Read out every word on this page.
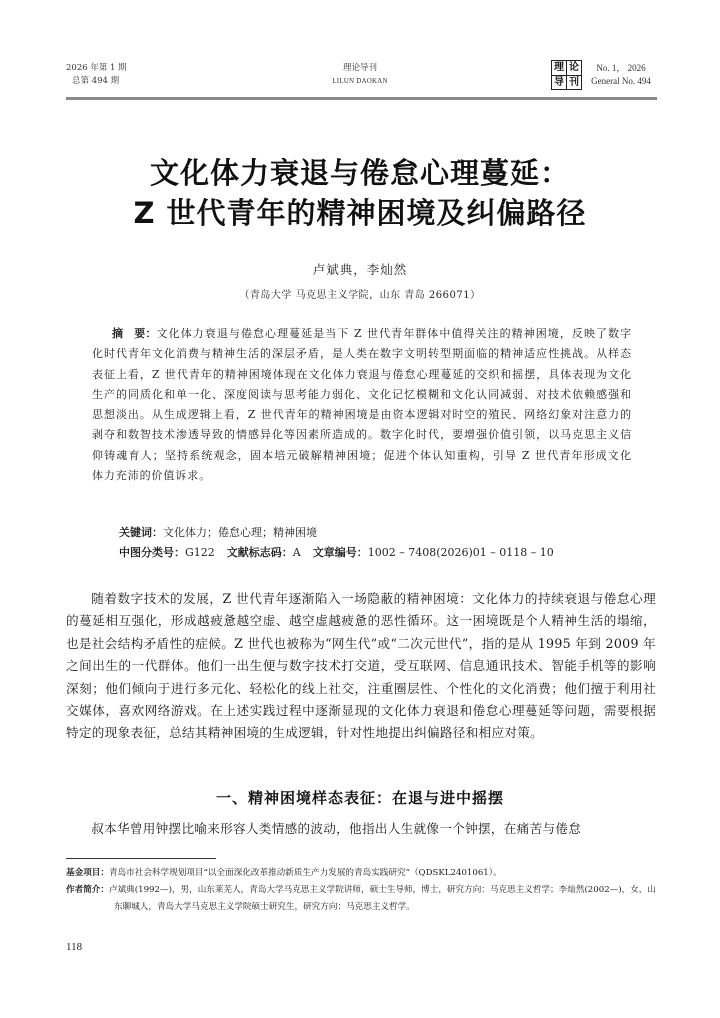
2026 年第 1 期
总第 494 期
理论导刊
LILUN DAOKAN
理 论
导 刊
No. 1， 2026
General No. 494
文化体力衰退与倦怠心理蔓延：
Z 世代青年的精神困境及纠偏路径
卢斌典，李灿然
（青岛大学 马克思主义学院，山东 青岛 266071）
摘　要：文化体力衰退与倦怠心理蔓延是当下 Z 世代青年群体中值得关注的精神困境，反映了数字化时代青年文化消费与精神生活的深层矛盾，是人类在数字文明转型期面临的精神适应性挑战。从样态表征上看，Z 世代青年的精神困境体现在文化体力衰退与倦怠心理蔓延的交织和摇摆，具体表现为文化生产的同质化和单一化、深度阅读与思考能力弱化、文化记忆模糊和文化认同减弱、对技术依赖感强和思想淡出。从生成逻辑上看，Z 世代青年的精神困境是由资本逻辑对时空的殖民、网络幻象对注意力的剥夺和数智技术渗透导致的情感异化等因素所造成的。数字化时代，要增强价值引领，以马克思主义信仰铸魂育人；坚持系统观念，固本培元破解精神困境；促进个体认知重构，引导 Z 世代青年形成文化体力充沛的价值诉求。
关键词：文化体力；倦怠心理；精神困境
中图分类号：G122 文献标志码：A 文章编号：1002 – 7408(2026)01 – 0118 – 10

随着数字技术的发展，Z 世代青年逐渐陷入一场隐蔽的精神困境：文化体力的持续衰退与倦怠心理的蔓延相互强化，形成越疲惫越空虚、越空虚越疲惫的恶性循环。这一困境既是个人精神生活的塌缩，也是社会结构矛盾性的症候。Z 世代也被称为“网生代”或“二次元世代”，指的是从 1995 年到 2009 年之间出生的一代群体。他们一出生便与数字技术打交道，受互联网、信息通讯技术、智能手机等的影响深刻；他们倾向于进行多元化、轻松化的线上社交，注重圈层性、个性化的文化消费；他们擅于利用社交媒体，喜欢网络游戏。在上述实践过程中逐渐显现的文化体力衰退和倦怠心理蔓延等问题，需要根据特定的现象表征，总结其精神困境的生成逻辑，针对性地提出纠偏路径和相应对策。

一、精神困境样态表征：在退与进中摇摆

叔本华曾用钟摆比喻来形容人类情感的波动，他指出人生就像一个钟摆，在痛苦与倦怠

基金项目：青岛市社会科学规划项目“以全面深化改革推动新质生产力发展的青岛实践研究”（QDSKL2401061）。
作者简介：卢斌典(1992—)，男，山东莱芜人，青岛大学马克思主义学院讲师，硕士生导师，博士，研究方向：马克思主义哲学；李灿然(2002—)，女，山东聊城人，青岛大学马克思主义学院硕士研究生，研究方向：马克思主义哲学。
118
